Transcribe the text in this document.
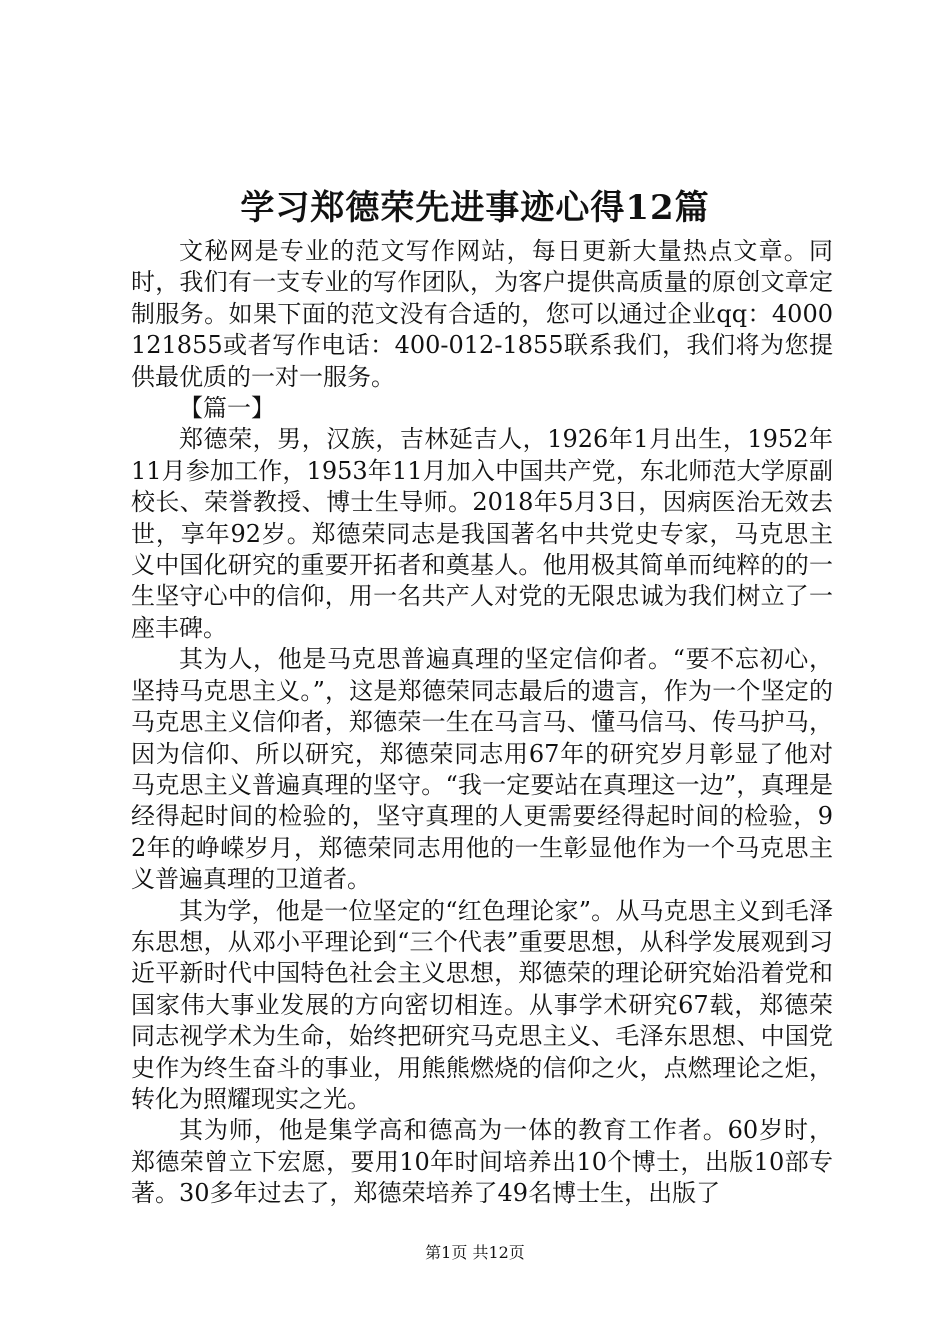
学习郑德荣先进事迹心得12篇

文秘网是专业的范文写作网站，每日更新大量热点文章。同时，我们有一支专业的写作团队，为客户提供高质量的原创文章定制服务。如果下面的范文没有合适的，您可以通过企业qq：4000121855或者写作电话：400-012-1855联系我们，我们将为您提供最优质的一对一服务。

【篇一】

郑德荣，男，汉族，吉林延吉人，1926年1月出生，1952年11月参加工作，1953年11月加入中国共产党，东北师范大学原副校长、荣誉教授、博士生导师。2018年5月3日，因病医治无效去世，享年92岁。郑德荣同志是我国著名中共党史专家，马克思主义中国化研究的重要开拓者和奠基人。他用极其简单而纯粹的的一生坚守心中的信仰，用一名共产人对党的无限忠诚为我们树立了一座丰碑。

其为人，他是马克思普遍真理的坚定信仰者。“要不忘初心，坚持马克思主义。”，这是郑德荣同志最后的遗言，作为一个坚定的马克思主义信仰者，郑德荣一生在马言马、懂马信马、传马护马，因为信仰、所以研究，郑德荣同志用67年的研究岁月彰显了他对马克思主义普遍真理的坚守。“我一定要站在真理这一边”，真理是经得起时间的检验的，坚守真理的人更需要经得起时间的检验，92年的峥嵘岁月，郑德荣同志用他的一生彰显他作为一个马克思主义普遍真理的卫道者。

其为学，他是一位坚定的“红色理论家”。从马克思主义到毛泽东思想，从邓小平理论到“三个代表”重要思想，从科学发展观到习近平新时代中国特色社会主义思想，郑德荣的理论研究始沿着党和国家伟大事业发展的方向密切相连。从事学术研究67载，郑德荣同志视学术为生命，始终把研究马克思主义、毛泽东思想、中国党史作为终生奋斗的事业，用熊熊燃烧的信仰之火，点燃理论之炬，转化为照耀现实之光。

其为师，他是集学高和德高为一体的教育工作者。60岁时，郑德荣曾立下宏愿，要用10年时间培养出10个博士，出版10部专著。30多年过去了，郑德荣培养了49名博士生，出版了

第1页 共12页
